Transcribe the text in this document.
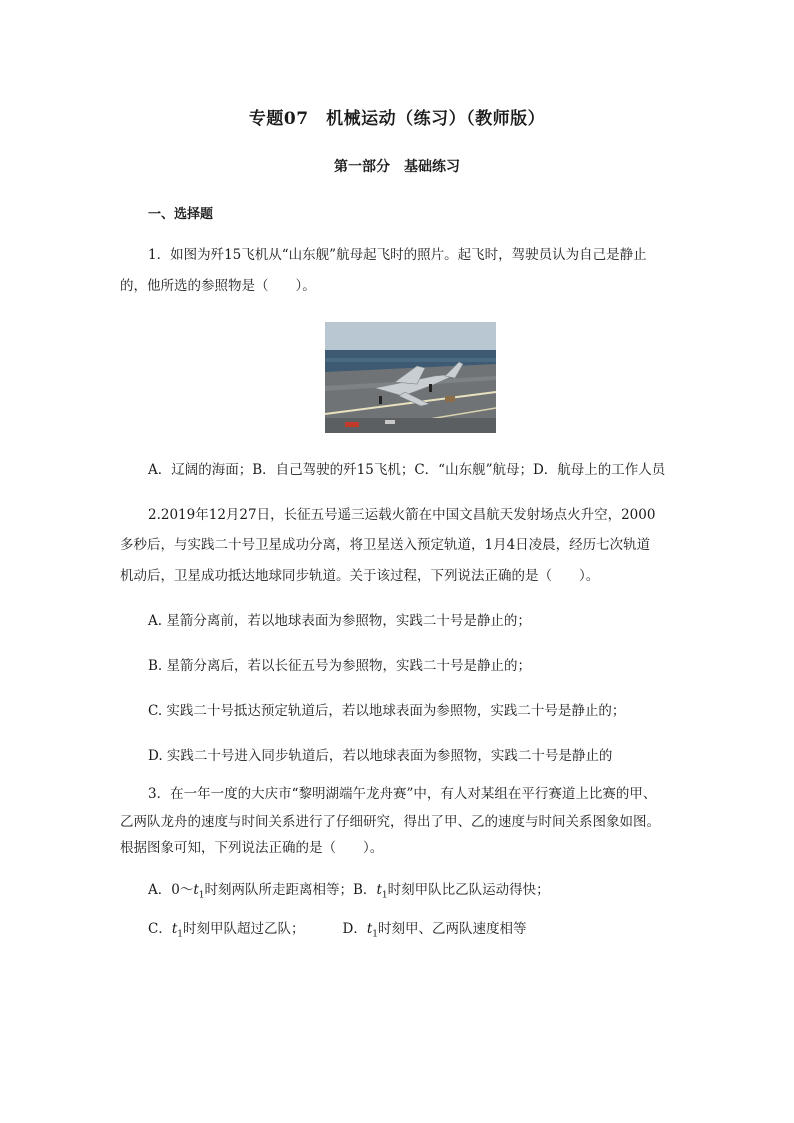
专题07　机械运动（练习）（教师版）
第一部分　基础练习
一、选择题
1．如图为歼15飞机从“山东舰”航母起飞时的照片。起飞时，驾驶员认为自己是静止
的，他所选的参照物是（　　）。
A．辽阔的海面；B．自己驾驶的歼15飞机；C．“山东舰”航母；D．航母上的工作人员
2.2019年12月27日，长征五号遥三运载火箭在中国文昌航天发射场点火升空，2000
多秒后，与实践二十号卫星成功分离，将卫星送入预定轨道，1月4日凌晨，经历七次轨道
机动后，卫星成功抵达地球同步轨道。关于该过程，下列说法正确的是（　　）。
A. 星箭分离前，若以地球表面为参照物，实践二十号是静止的；
B. 星箭分离后，若以长征五号为参照物，实践二十号是静止的；
C. 实践二十号抵达预定轨道后，若以地球表面为参照物，实践二十号是静止的；
D. 实践二十号进入同步轨道后，若以地球表面为参照物，实践二十号是静止的
3．在一年一度的大庆市“黎明湖端午龙舟赛”中，有人对某组在平行赛道上比赛的甲、
乙两队龙舟的速度与时间关系进行了仔细研究，得出了甲、乙的速度与时间关系图象如图。
根据图象可知，下列说法正确的是（　　）。
A．$0\sim t_1$时刻两队所走距离相等；B．$t_1$时刻甲队比乙队运动得快；
C．$t_1$时刻甲队超过乙队；	D．$t_1$时刻甲、乙两队速度相等
